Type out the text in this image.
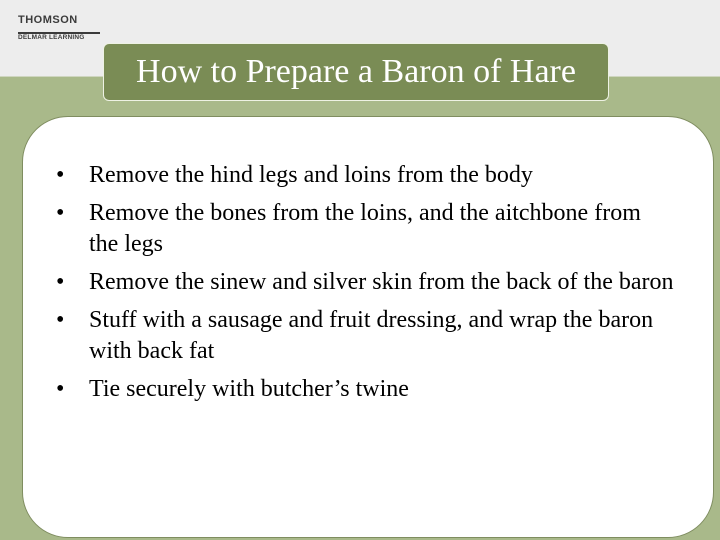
THOMSON
DELMAR LEARNING
How to Prepare a Baron of Hare
• Remove the hind legs and loins from the body
• Remove the bones from the loins, and the aitchbone from the legs
• Remove the sinew and silver skin from the back of the baron
• Stuff with a sausage and fruit dressing, and wrap the baron with back fat
• Tie securely with butcher’s twine
